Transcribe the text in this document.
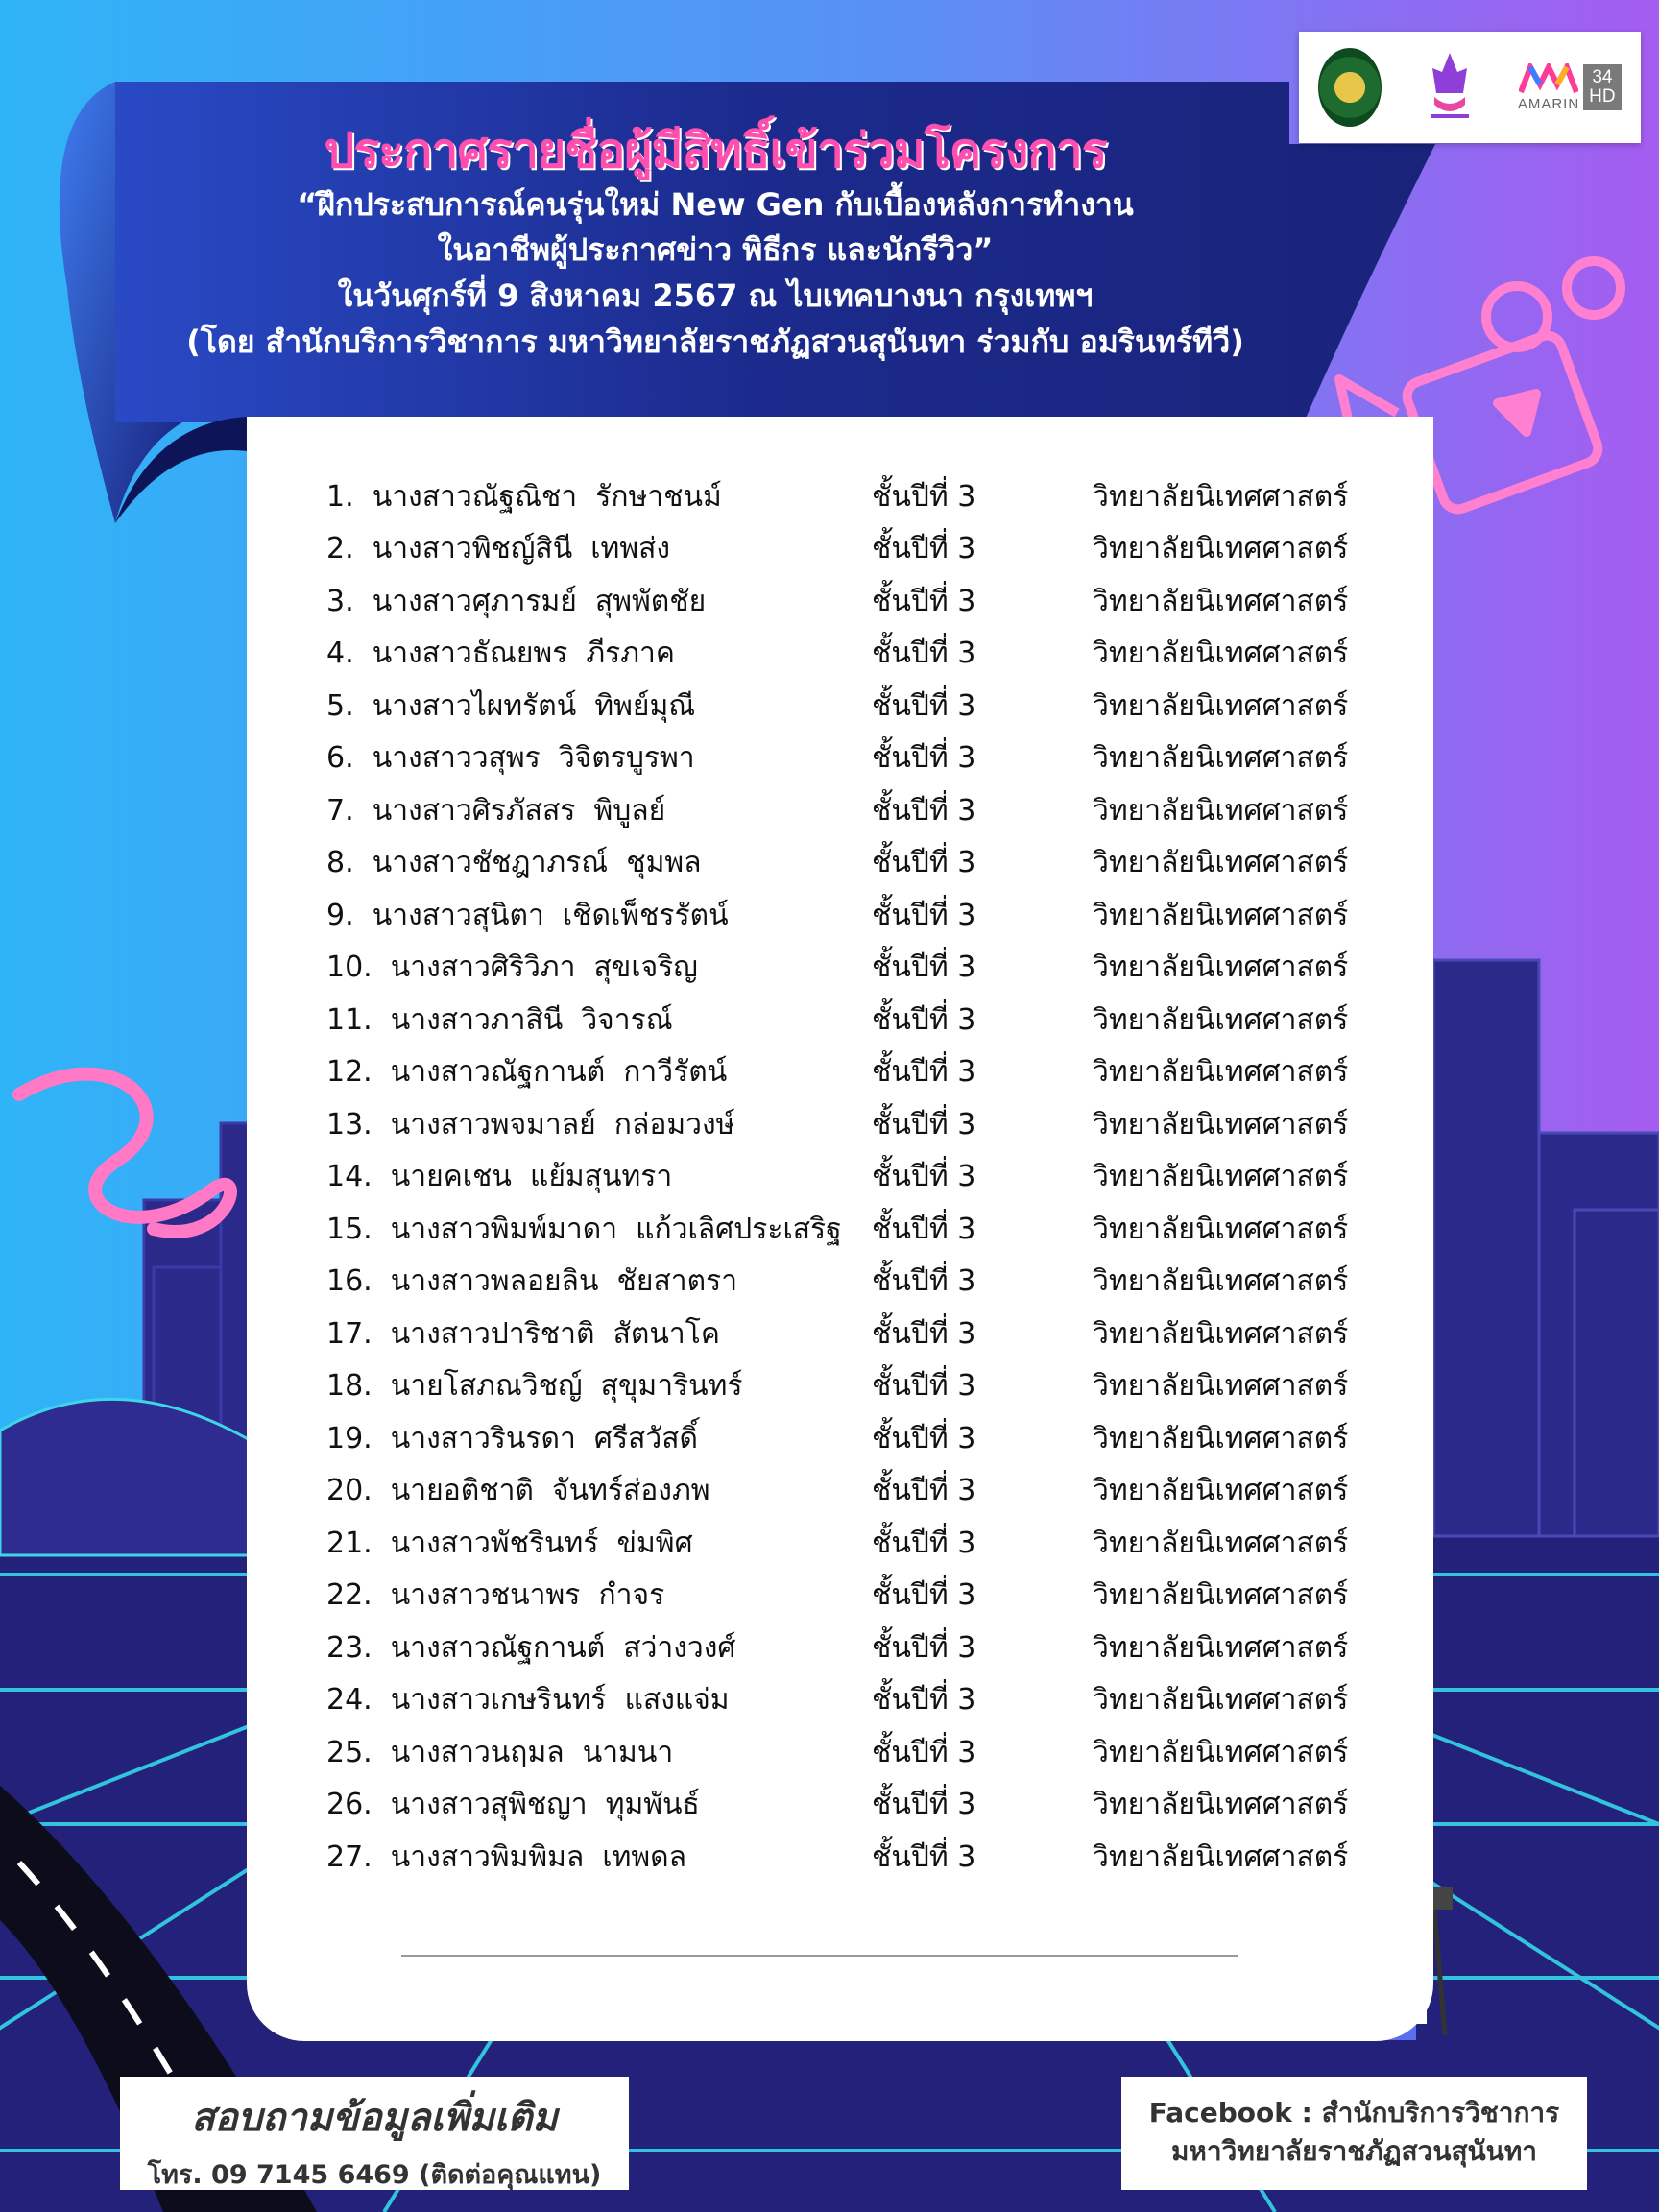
AMARIN
34
HD
ประกาศรายชื่อผู้มีสิทธิ์เข้าร่วมโครงการ
“ฝึกประสบการณ์คนรุ่นใหม่ New Gen กับเบื้องหลังการทำงาน
ในอาชีพผู้ประกาศข่าว พิธีกร และนักรีวิว”
ในวันศุกร์ที่ 9 สิงหาคม 2567 ณ ไบเทคบางนา กรุงเทพฯ
(โดย สำนักบริการวิชาการ มหาวิทยาลัยราชภัฏสวนสุนันทา ร่วมกับ อมรินทร์ทีวี)
1. นางสาวณัฐณิชา  รักษาชนม์	ชั้นปีที่ 3	วิทยาลัยนิเทศศาสตร์
2. นางสาวพิชญ์สินี  เทพส่ง	ชั้นปีที่ 3	วิทยาลัยนิเทศศาสตร์
3. นางสาวศุภารมย์  สุพพัตชัย	ชั้นปีที่ 3	วิทยาลัยนิเทศศาสตร์
4. นางสาวธัณยพร  ภีรภาค	ชั้นปีที่ 3	วิทยาลัยนิเทศศาสตร์
5. นางสาวไผทรัตน์  ทิพย์มุณี	ชั้นปีที่ 3	วิทยาลัยนิเทศศาสตร์
6. นางสาววสุพร  วิจิตรบูรพา	ชั้นปีที่ 3	วิทยาลัยนิเทศศาสตร์
7. นางสาวศิรภัสสร  พิบูลย์	ชั้นปีที่ 3	วิทยาลัยนิเทศศาสตร์
8. นางสาวชัชฎาภรณ์  ชุมพล	ชั้นปีที่ 3	วิทยาลัยนิเทศศาสตร์
9. นางสาวสุนิตา  เชิดเพ็ชรรัตน์	ชั้นปีที่ 3	วิทยาลัยนิเทศศาสตร์
10. นางสาวศิริวิภา  สุขเจริญ	ชั้นปีที่ 3	วิทยาลัยนิเทศศาสตร์
11. นางสาวภาสินี  วิจารณ์	ชั้นปีที่ 3	วิทยาลัยนิเทศศาสตร์
12. นางสาวณัฐกานต์  กาวีรัตน์	ชั้นปีที่ 3	วิทยาลัยนิเทศศาสตร์
13. นางสาวพจมาลย์  กล่อมวงษ์	ชั้นปีที่ 3	วิทยาลัยนิเทศศาสตร์
14. นายคเชน  แย้มสุนทรา	ชั้นปีที่ 3	วิทยาลัยนิเทศศาสตร์
15. นางสาวพิมพ์มาดา  แก้วเลิศประเสริฐ	ชั้นปีที่ 3	วิทยาลัยนิเทศศาสตร์
16. นางสาวพลอยลิน  ชัยสาตรา	ชั้นปีที่ 3	วิทยาลัยนิเทศศาสตร์
17. นางสาวปาริชาติ  สัตนาโค	ชั้นปีที่ 3	วิทยาลัยนิเทศศาสตร์
18. นายโสภณวิชญ์  สุขุมารินทร์	ชั้นปีที่ 3	วิทยาลัยนิเทศศาสตร์
19. นางสาวรินรดา  ศรีสวัสดิ์	ชั้นปีที่ 3	วิทยาลัยนิเทศศาสตร์
20. นายอติชาติ  จันทร์ส่องภพ	ชั้นปีที่ 3	วิทยาลัยนิเทศศาสตร์
21. นางสาวพัชรินทร์  ข่มพิศ	ชั้นปีที่ 3	วิทยาลัยนิเทศศาสตร์
22. นางสาวชนาพร  กำจร	ชั้นปีที่ 3	วิทยาลัยนิเทศศาสตร์
23. นางสาวณัฐกานต์  สว่างวงศ์	ชั้นปีที่ 3	วิทยาลัยนิเทศศาสตร์
24. นางสาวเกษรินทร์  แสงแจ่ม	ชั้นปีที่ 3	วิทยาลัยนิเทศศาสตร์
25. นางสาวนฤมล  นามนา	ชั้นปีที่ 3	วิทยาลัยนิเทศศาสตร์
26. นางสาวสุพิชญา  ทุมพันธ์	ชั้นปีที่ 3	วิทยาลัยนิเทศศาสตร์
27. นางสาวพิมพิมล  เทพดล	ชั้นปีที่ 3	วิทยาลัยนิเทศศาสตร์
สอบถามข้อมูลเพิ่มเติม
โทร. 09 7145 6469 (ติดต่อคุณแทน)
Facebook : สำนักบริการวิชาการ
มหาวิทยาลัยราชภัฏสวนสุนันทา
